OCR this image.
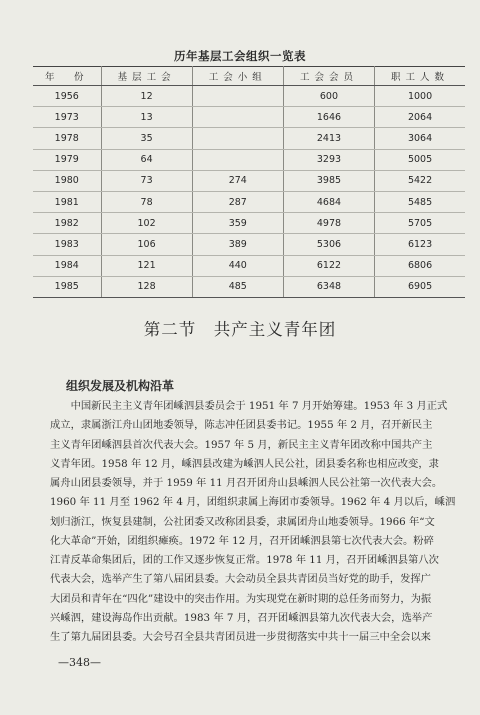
历年基层工会组织一览表
年　份	基层工会	工会小组	工会会员	职工人数
1956	12		600	1000
1973	13		1646	2064
1978	35		2413	3064
1979	64		3293	5005
1980	73	274	3985	5422
1981	78	287	4684	5485
1982	102	359	4978	5705
1983	106	389	5306	6123
1984	121	440	6122	6806
1985	128	485	6348	6905
第二节　共产主义青年团
组织发展及机构沿革
　　中国新民主主义青年团嵊泗县委员会于 1951 年 7 月开始筹建。1953 年 3 月正式
成立，隶属浙江舟山团地委领导，陈志冲任团县委书记。1955 年 2 月，召开新民主
主义青年团嵊泗县首次代表大会。1957 年 5 月，新民主主义青年团改称中国共产主
义青年团。1958 年 12 月，嵊泗县改建为嵊泗人民公社，团县委名称也相应改变，隶
属舟山团县委领导，并于 1959 年 11 月召开团舟山县嵊泗人民公社第一次代表大会。
1960 年 11 月至 1962 年 4 月，团组织隶属上海团市委领导。1962 年 4 月以后，嵊泗
划归浙江，恢复县建制，公社团委又改称团县委，隶属团舟山地委领导。1966 年“文
化大革命”开始，团组织瘫痪。1972 年 12 月，召开团嵊泗县第七次代表大会。粉碎
江青反革命集团后，团的工作又逐步恢复正常。1978 年 11 月，召开团嵊泗县第八次
代表大会，选举产生了第八届团县委。大会动员全县共青团员当好党的助手，发挥广
大团员和青年在“四化”建设中的突击作用。为实现党在新时期的总任务而努力，为振
兴嵊泗，建设海岛作出贡献。1983 年 7 月，召开团嵊泗县第九次代表大会，选举产
生了第九届团县委。大会号召全县共青团员进一步贯彻落实中共十一届三中全会以来
—348—
